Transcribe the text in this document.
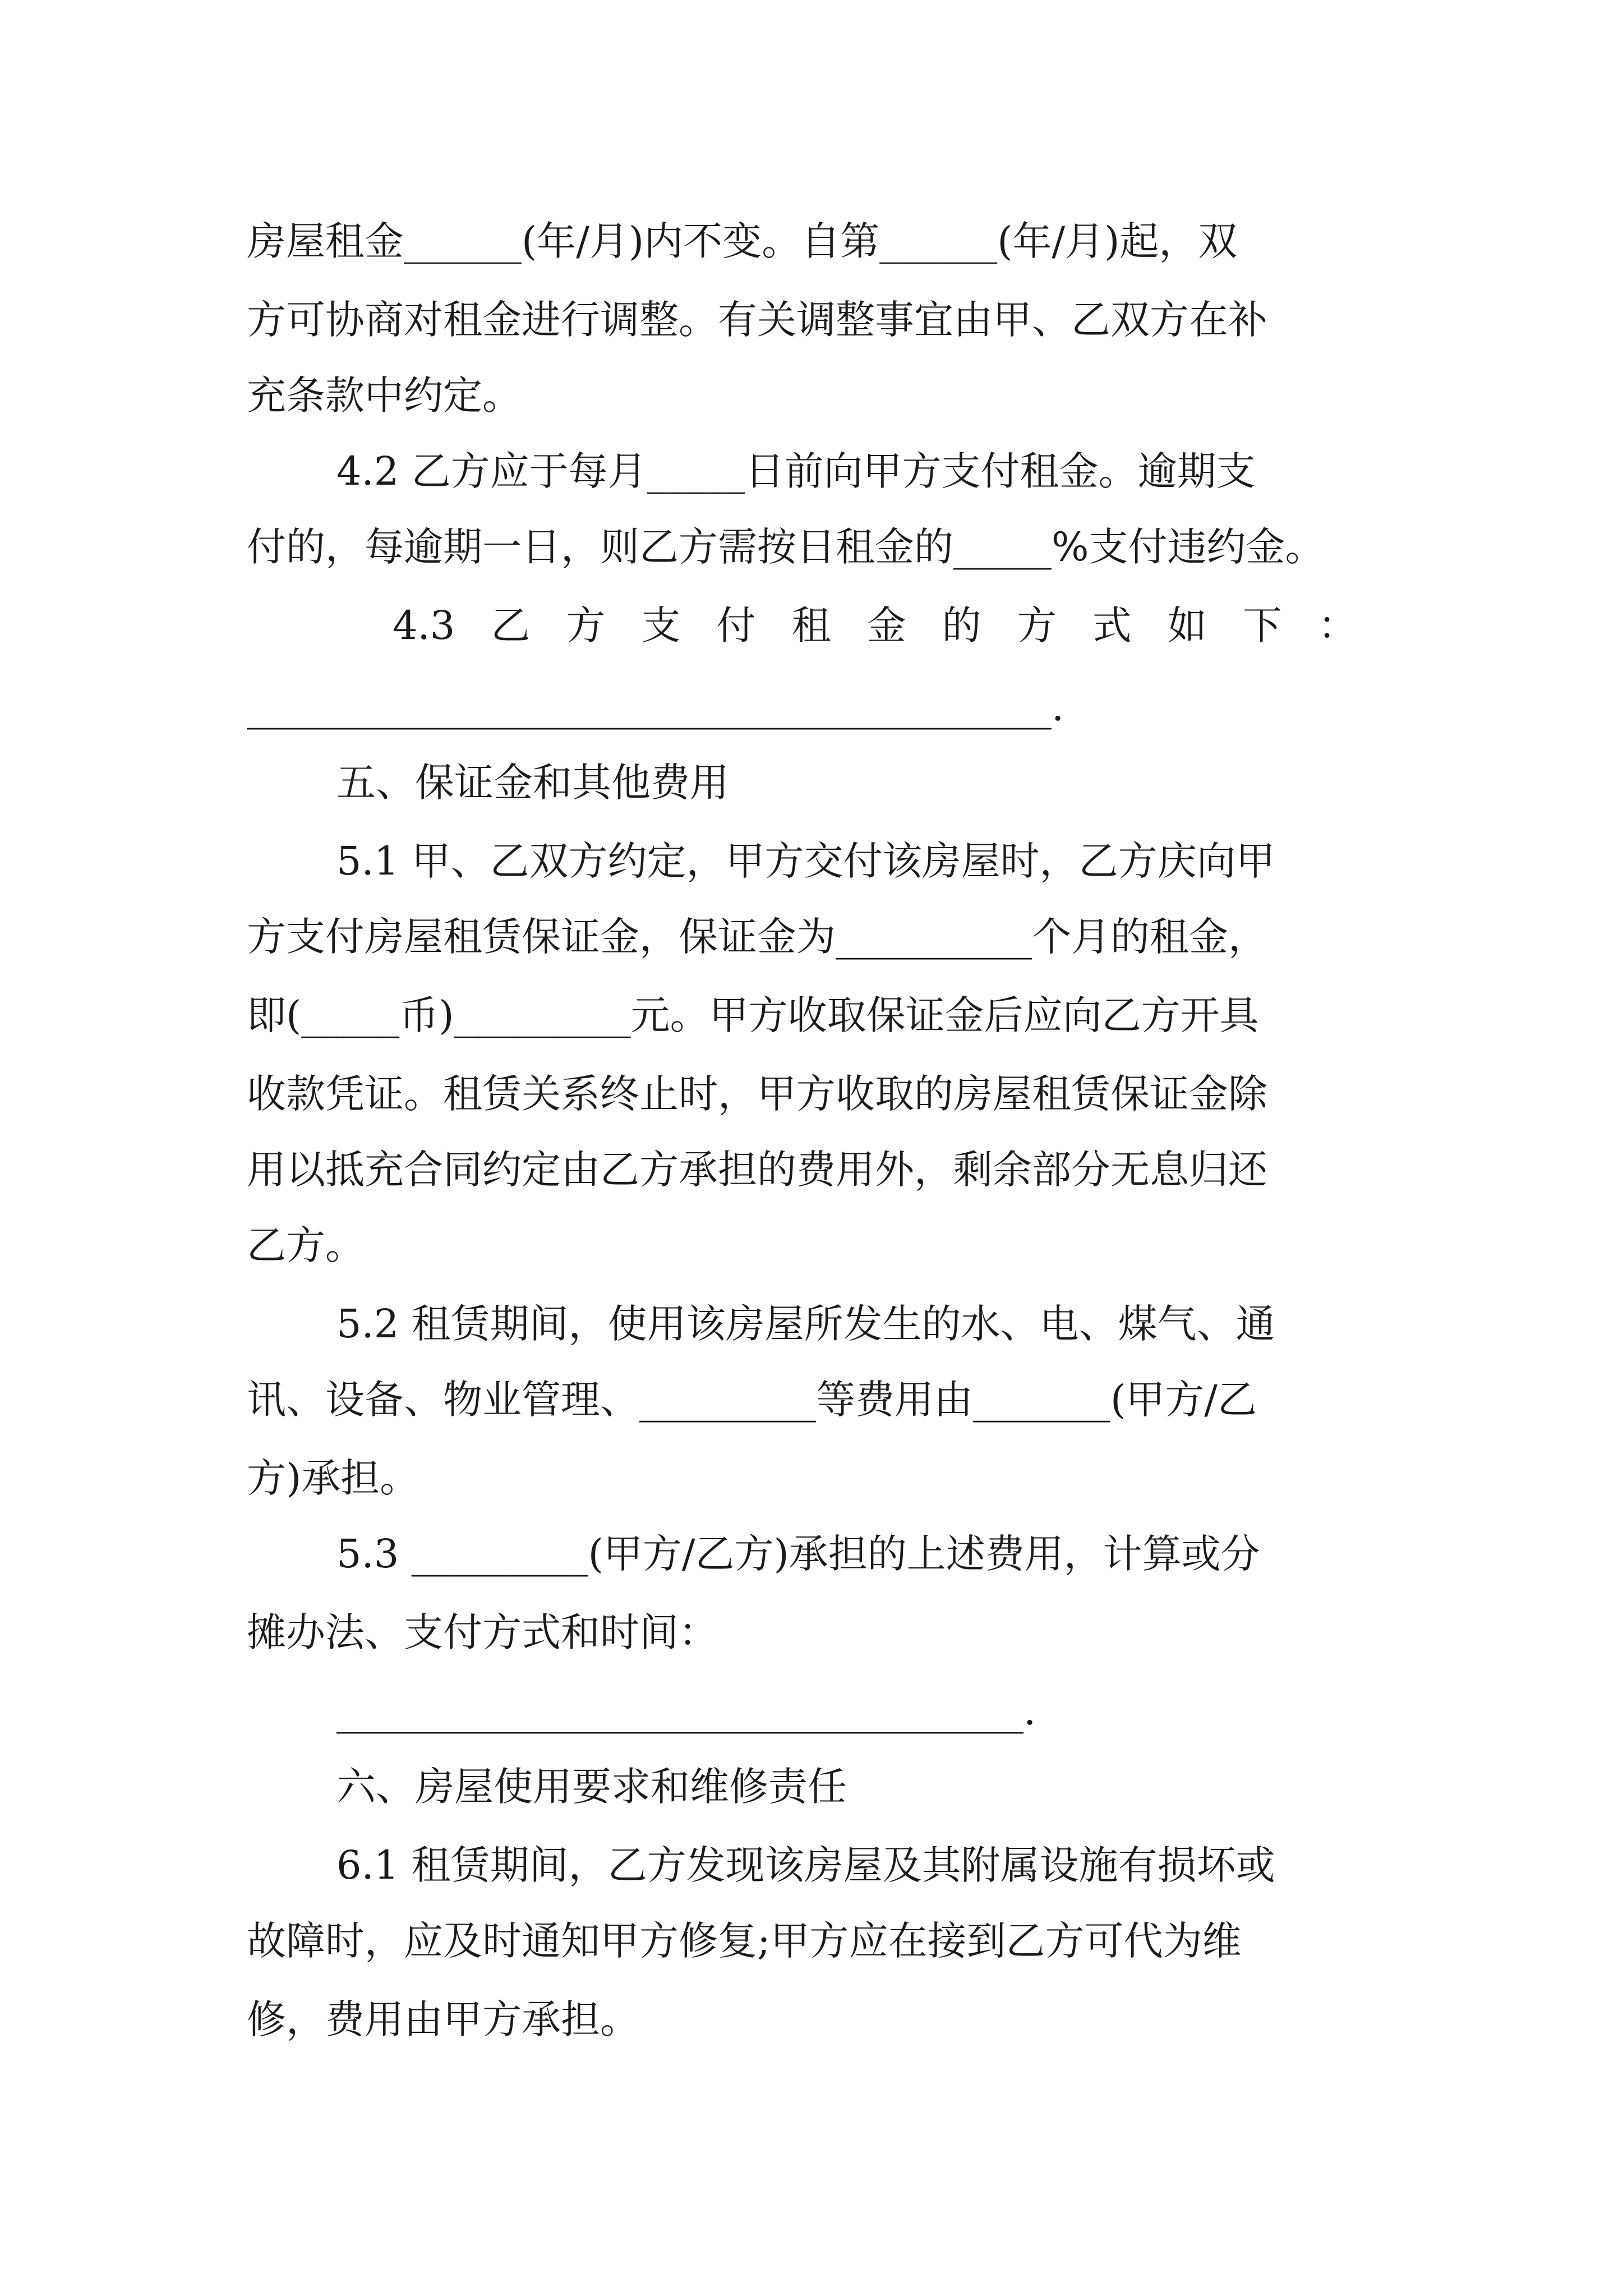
房屋租金______(年/月)内不变。自第______(年/月)起，双

方可协商对租金进行调整。有关调整事宜由甲、乙双方在补

充条款中约定。

4.2 乙方应于每月_____日前向甲方支付租金。逾期支

付的，每逾期一日，则乙方需按日租金的_____%支付违约金。

4.3 乙 方 支 付 租 金 的 方 式 如 下 ：

_________________________________________.

五、保证金和其他费用

5.1 甲、乙双方约定，甲方交付该房屋时，乙方庆向甲

方支付房屋租赁保证金，保证金为__________个月的租金，

即(_____币)_________元。甲方收取保证金后应向乙方开具

收款凭证。租赁关系终止时，甲方收取的房屋租赁保证金除

用以抵充合同约定由乙方承担的费用外，剩余部分无息归还

乙方。

5.2 租赁期间，使用该房屋所发生的水、电、煤气、通

讯、设备、物业管理、_________等费用由_______(甲方/乙

方)承担。

5.3 _________(甲方/乙方)承担的上述费用，计算或分

摊办法、支付方式和时间：

___________________________________.

六、房屋使用要求和维修责任

6.1 租赁期间，乙方发现该房屋及其附属设施有损坏或

故障时，应及时通知甲方修复;甲方应在接到乙方可代为维

修，费用由甲方承担。
